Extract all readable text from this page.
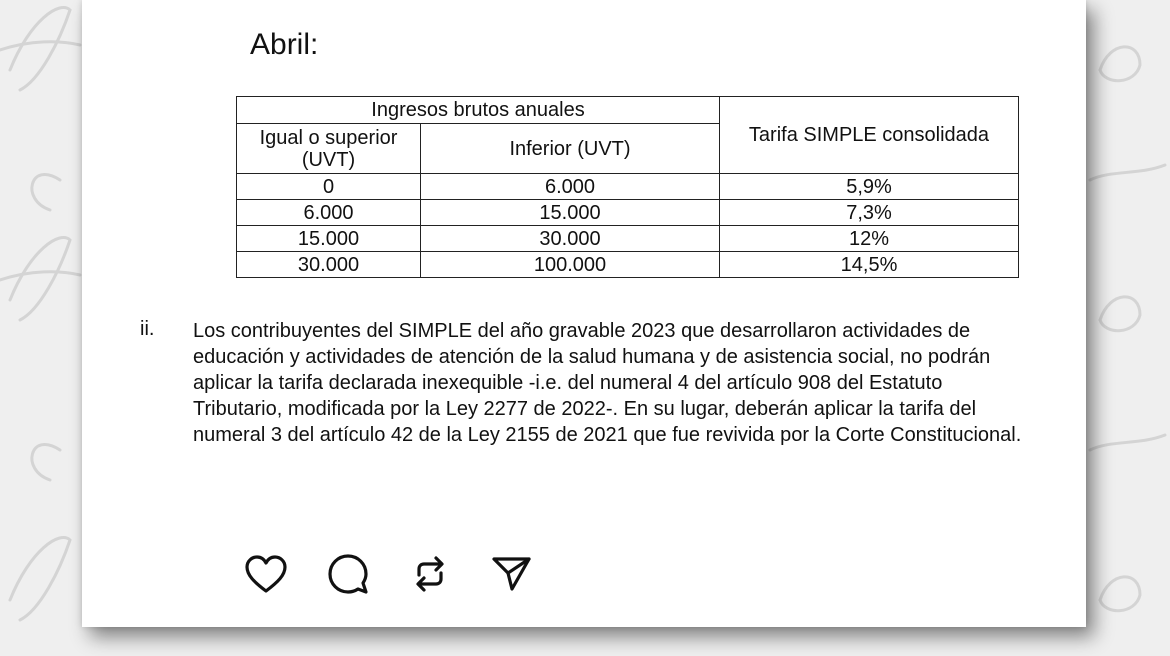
Abril:
Ingresos brutos anuales		Tarifa SIMPLE consolidada
Igual o superior (UVT)	Inferior (UVT)	
0	6.000	5,9%
6.000	15.000	7,3%
15.000	30.000	12%
30.000	100.000	14,5%
ii. Los contribuyentes del SIMPLE del año gravable 2023 que desarrollaron actividades de educación y actividades de atención de la salud humana y de asistencia social, no podrán aplicar la tarifa declarada inexequible -i.e. del numeral 4 del artículo 908 del Estatuto Tributario, modificada por la Ley 2277 de 2022-. En su lugar, deberán aplicar la tarifa del numeral 3 del artículo 42 de la Ley 2155 de 2021 que fue revivida por la Corte Constitucional.
